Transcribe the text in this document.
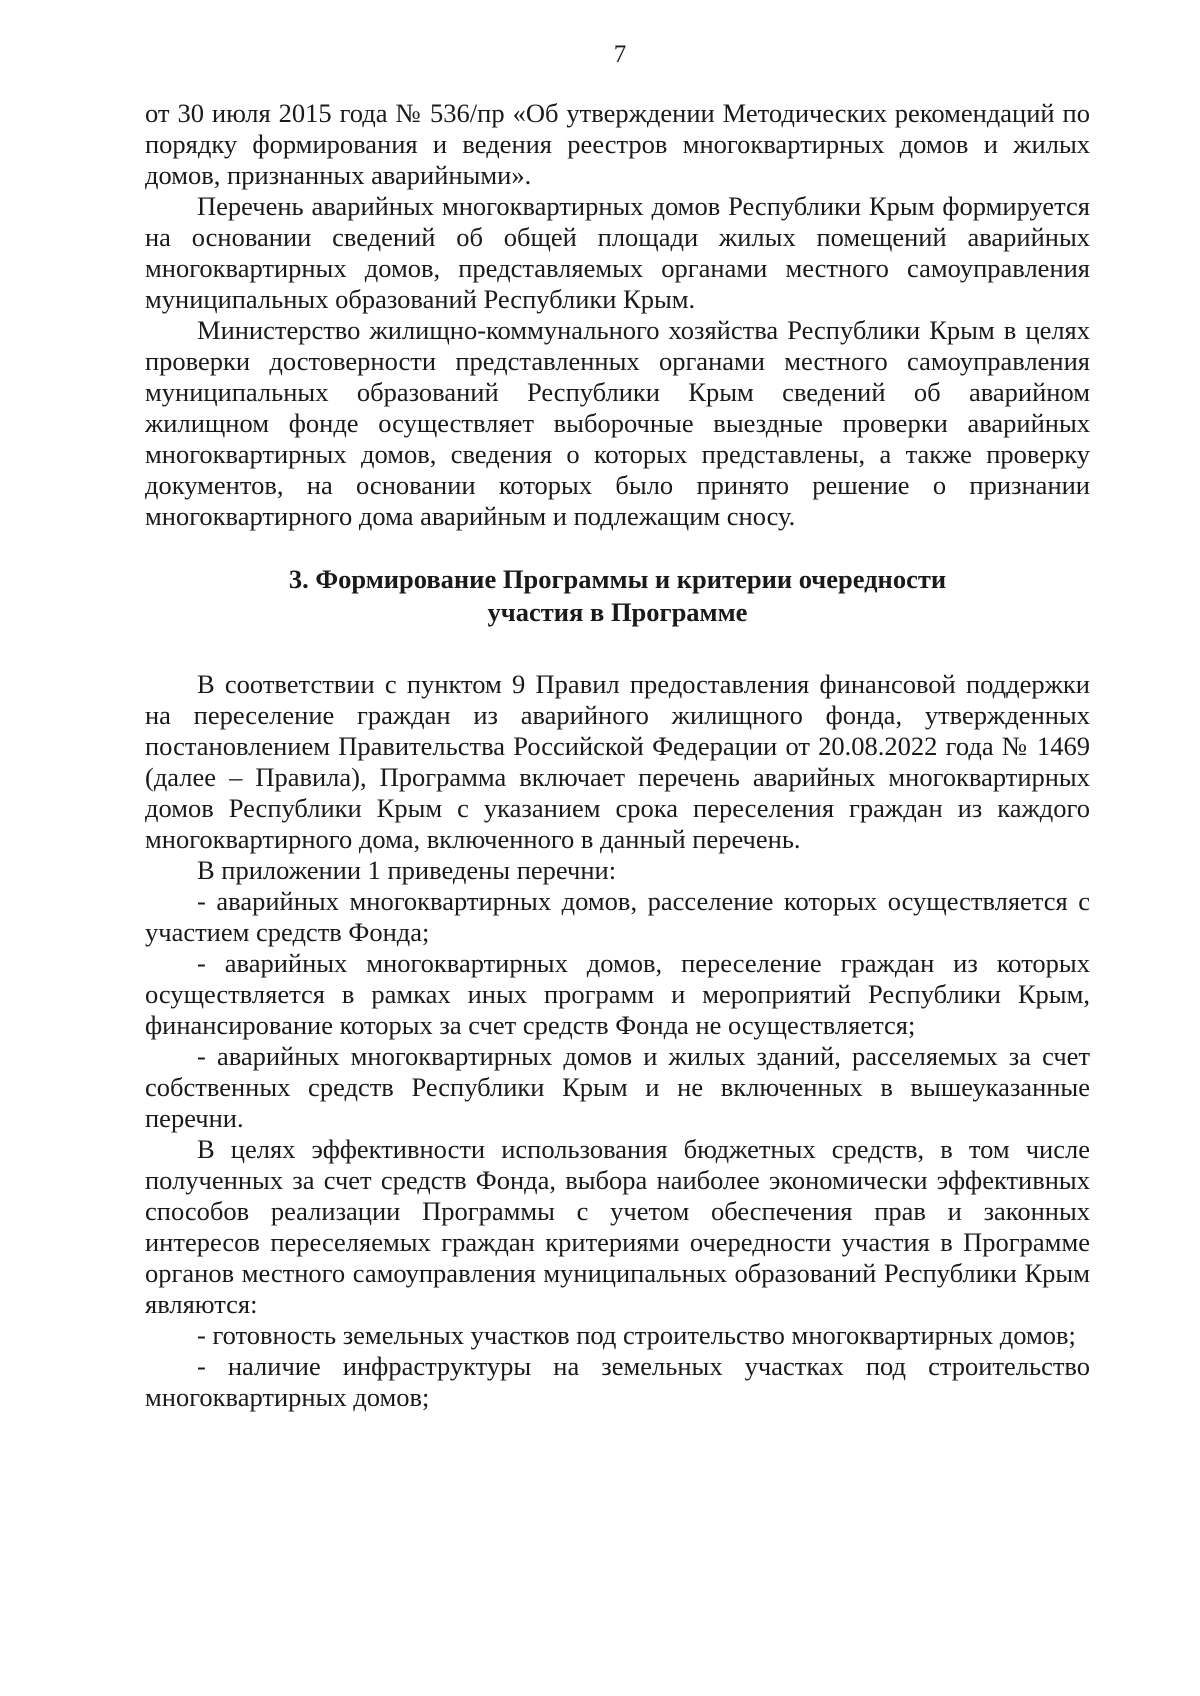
7

от 30 июля 2015 года № 536/пр «Об утверждении Методических рекомендаций по порядку формирования и ведения реестров многоквартирных домов и жилых домов, признанных аварийными».

Перечень аварийных многоквартирных домов Республики Крым формируется на основании сведений об общей площади жилых помещений аварийных многоквартирных домов, представляемых органами местного самоуправления муниципальных образований Республики Крым.

Министерство жилищно-коммунального хозяйства Республики Крым в целях проверки достоверности представленных органами местного самоуправления муниципальных образований Республики Крым сведений об аварийном жилищном фонде осуществляет выборочные выездные проверки аварийных многоквартирных домов, сведения о которых представлены, а также проверку документов, на основании которых было принято решение о признании многоквартирного дома аварийным и подлежащим сносу.

3. Формирование Программы и критерии очередности
участия в Программе

В соответствии с пунктом 9 Правил предоставления финансовой поддержки на переселение граждан из аварийного жилищного фонда, утвержденных постановлением Правительства Российской Федерации от 20.08.2022 года № 1469 (далее – Правила), Программа включает перечень аварийных многоквартирных домов Республики Крым с указанием срока переселения граждан из каждого многоквартирного дома, включенного в данный перечень.

В приложении 1 приведены перечни:

- аварийных многоквартирных домов, расселение которых осуществляется с участием средств Фонда;

- аварийных многоквартирных домов, переселение граждан из которых осуществляется в рамках иных программ и мероприятий Республики Крым, финансирование которых за счет средств Фонда не осуществляется;

- аварийных многоквартирных домов и жилых зданий, расселяемых за счет собственных средств Республики Крым и не включенных в вышеуказанные перечни.

В целях эффективности использования бюджетных средств, в том числе полученных за счет средств Фонда, выбора наиболее экономически эффективных способов реализации Программы с учетом обеспечения прав и законных интересов переселяемых граждан критериями очередности участия в Программе органов местного самоуправления муниципальных образований Республики Крым являются:

- готовность земельных участков под строительство многоквартирных домов;

- наличие инфраструктуры на земельных участках под строительство многоквартирных домов;
